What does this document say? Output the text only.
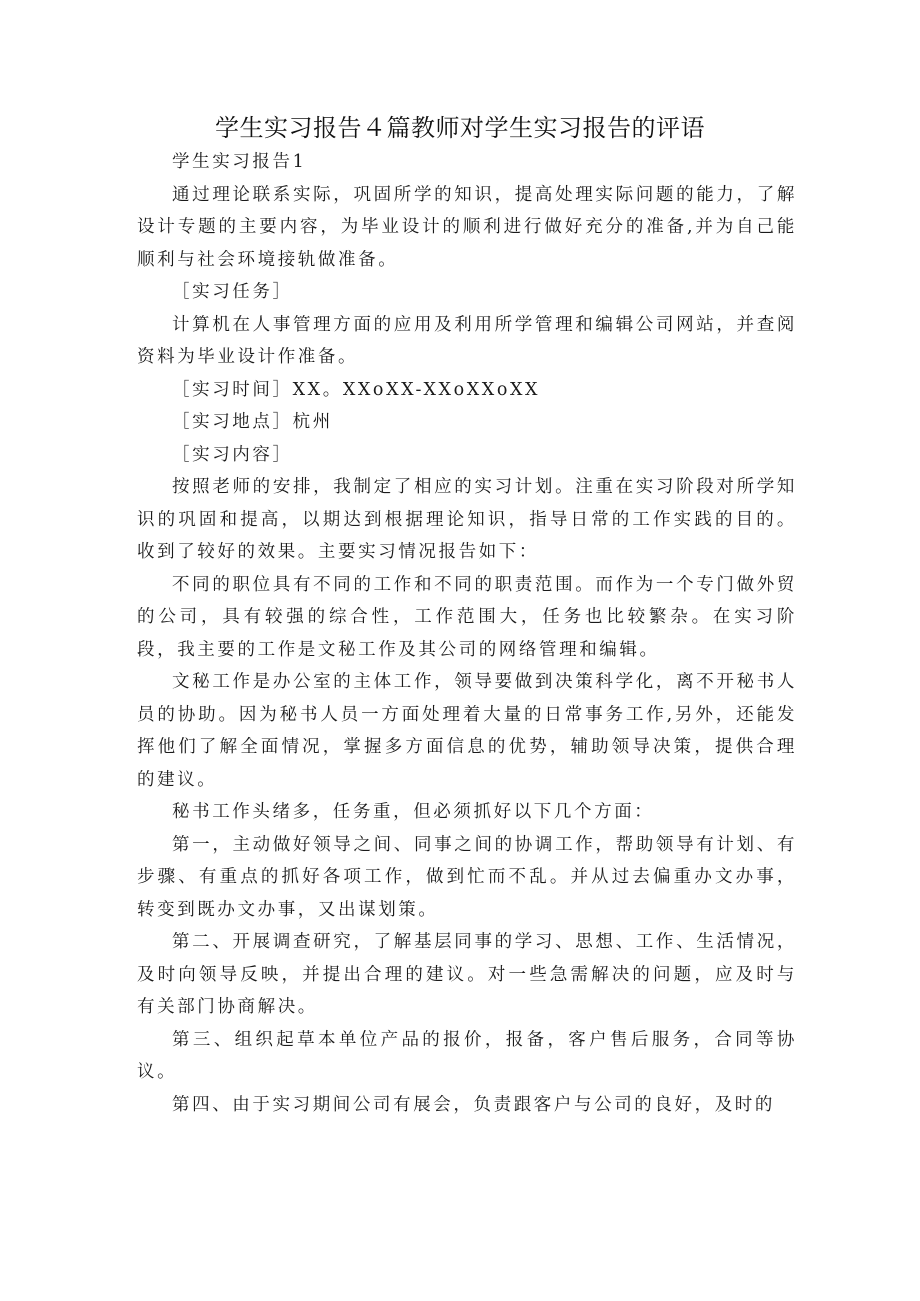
学生实习报告４篇教师对学生实习报告的评语

学生实习报告1

通过理论联系实际，巩固所学的知识，提高处理实际问题的能力，了解设计专题的主要内容，为毕业设计的顺利进行做好充分的准备,并为自己能顺利与社会环境接轨做准备。

［实习任务］

计算机在人事管理方面的应用及利用所学管理和编辑公司网站，并查阅资料为毕业设计作准备。

［实习时间］XX。XXoXX-XXoXXoXX

［实习地点］杭州

［实习内容］

按照老师的安排，我制定了相应的实习计划。注重在实习阶段对所学知识的巩固和提高，以期达到根据理论知识，指导日常的工作实践的目的。收到了较好的效果。主要实习情况报告如下：

不同的职位具有不同的工作和不同的职责范围。而作为一个专门做外贸的公司，具有较强的综合性，工作范围大，任务也比较繁杂。在实习阶段，我主要的工作是文秘工作及其公司的网络管理和编辑。

文秘工作是办公室的主体工作，领导要做到决策科学化，离不开秘书人员的协助。因为秘书人员一方面处理着大量的日常事务工作,另外，还能发挥他们了解全面情况，掌握多方面信息的优势，辅助领导决策，提供合理的建议。

秘书工作头绪多，任务重，但必须抓好以下几个方面：

第一，主动做好领导之间、同事之间的协调工作，帮助领导有计划、有步骤、有重点的抓好各项工作，做到忙而不乱。并从过去偏重办文办事，转变到既办文办事，又出谋划策。

第二、开展调查研究，了解基层同事的学习、思想、工作、生活情况，及时向领导反映，并提出合理的建议。对一些急需解决的问题，应及时与有关部门协商解决。

第三、组织起草本单位产品的报价，报备，客户售后服务，合同等协议。

第四、由于实习期间公司有展会，负责跟客户与公司的良好，及时的
